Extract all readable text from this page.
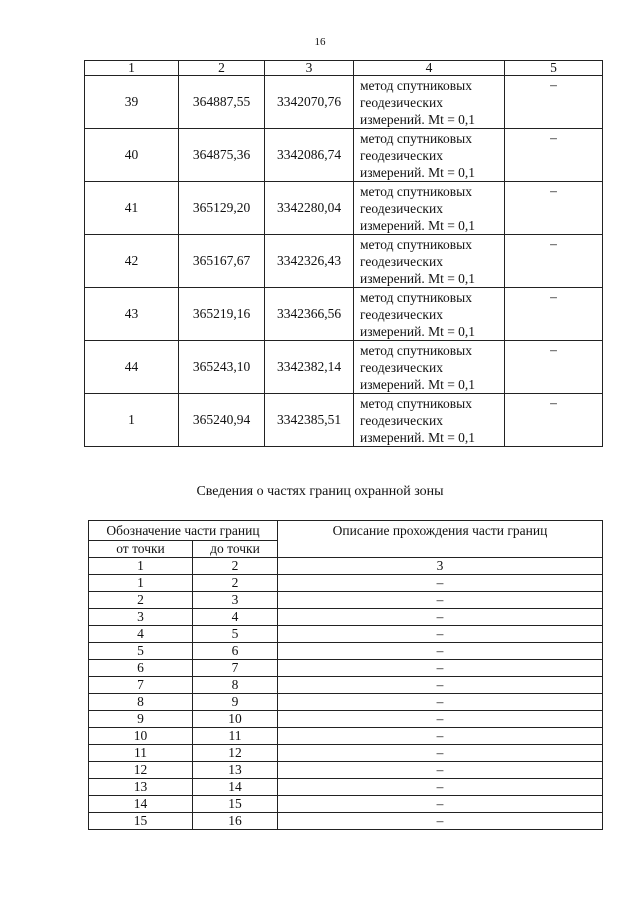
16
1	2	3	4	5
39	364887,55	3342070,76	метод спутниковых
геодезических
измерений. Mt = 0,1	–
40	364875,36	3342086,74	метод спутниковых
геодезических
измерений. Mt = 0,1	–
41	365129,20	3342280,04	метод спутниковых
геодезических
измерений. Mt = 0,1	–
42	365167,67	3342326,43	метод спутниковых
геодезических
измерений. Mt = 0,1	–
43	365219,16	3342366,56	метод спутниковых
геодезических
измерений. Mt = 0,1	–
44	365243,10	3342382,14	метод спутниковых
геодезических
измерений. Mt = 0,1	–
1	365240,94	3342385,51	метод спутниковых
геодезических
измерений. Mt = 0,1	–
Сведения о частях границ охранной зоны
Обозначение части границ		Описание прохождения части границ
от точки	до точки	
1	2	3
1	2	–
2	3	–
3	4	–
4	5	–
5	6	–
6	7	–
7	8	–
8	9	–
9	10	–
10	11	–
11	12	–
12	13	–
13	14	–
14	15	–
15	16	–
